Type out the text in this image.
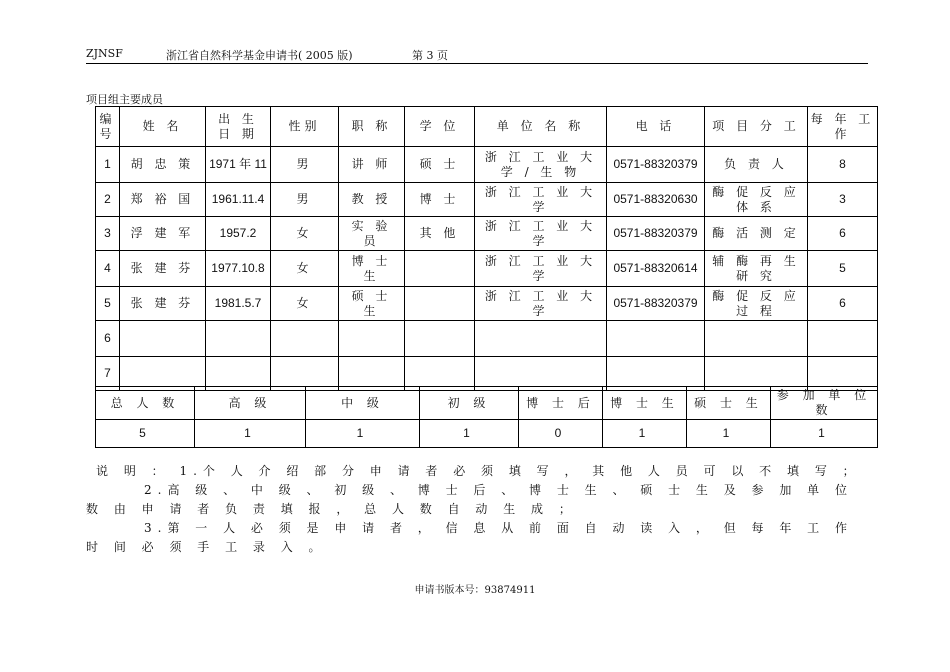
ZJNSF	浙江省自然科学基金申请书( 2005 版)	第 3 页
项目组主要成员
编号	姓 名	出 生 日 期	性别	职 称	学 位	单 位 名 称	电 话	项 目 分 工	每 年 工 作
1	胡 忠 策	1971 年 11	男	讲 师	硕 士	浙 江 工 业 大 学 / 生 物	0571-88320379	负 责 人	8
2	郑 裕 国	1961.11.4	男	教 授	博 士	浙 江 工 业 大 学	0571-88320630	酶 促 反 应 体 系	3
3	浮 建 军	1957.2	女	实 验 员	其 他	浙 江 工 业 大 学	0571-88320379	酶 活 测 定	6
4	张 建 芬	1977.10.8	女	博 士 生		浙 江 工 业 大 学	0571-88320614	辅 酶 再 生 研 究	5
5	张 建 芬	1981.5.7	女	硕 士 生		浙 江 工 业 大 学	0571-88320379	酶 促 反 应 过 程	6
6									
7									
总 人 数	高 级	中 级	初 级	博 士 后	博 士 生	硕 士 生	参 加 单 位 数
5	1	1	1	0	1	1	1

说 明 ： 1.个 人 介 绍 部 分 申 请 者 必 须 填 写 ， 其 他 人 员 可 以 不 填 写 ；

2.高 级 、 中 级 、 初 级 、 博 士 后 、 博 士 生 、 硕 士 生 及 参 加 单 位 数 由 申 请 者 负 责 填 报 ， 总 人 数 自 动 生 成 ；

3.第 一 人 必 须 是 申 请 者 ， 信 息 从 前 面 自 动 读 入 ， 但 每 年 工 作 时 间 必 须 手 工 录 入 。

申请书版本号：93874911
